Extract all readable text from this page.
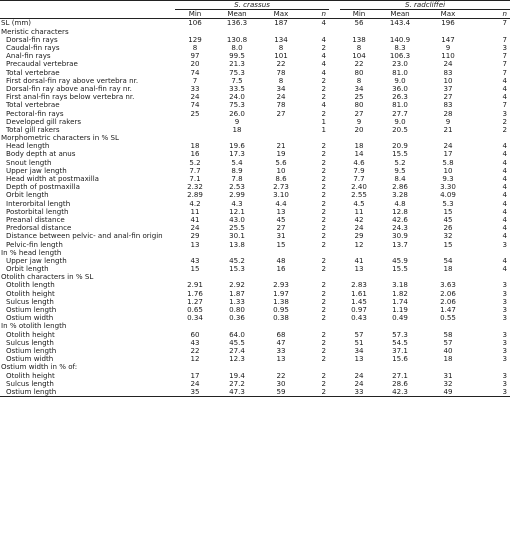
	S. crassus					S. radcliffei			
	Min	Mean	Max	n		Min	Mean	Max	n
SL (mm)	106	136.3	187	4		56	143.4	196	7
Meristic characters									
Dorsal-fin rays	129	130.8	134	4		138	140.9	147	7
Caudal-fin rays	8	8.0	8	2		8	8.3	9	3
Anal-fin rays	97	99.5	101	4		104	106.3	110	7
Precaudal vertebrae	20	21.3	22	4		22	23.0	24	7
Total vertebrae	74	75.3	78	4		80	81.0	83	7
First dorsal-fin ray above vertebra nr.	7	7.5	8	2		8	9.0	10	4
Dorsal-fin ray above anal-fin ray nr.	33	33.5	34	2		34	36.0	37	4
First anal-fin rays below vertebra nr.	24	24.0	24	2		25	26.3	27	4
Total vertebrae	74	75.3	78	4		80	81.0	83	7
Pectoral-fin rays	25	26.0	27	2		27	27.7	28	3
Developed gill rakers		9		1		9	9.0	9	2
Total gill rakers		18		1		20	20.5	21	2
Morphometric characters in % SL									
Head length	18	19.6	21	2		18	20.9	24	4
Body depth at anus	16	17.3	19	2		14	15.5	17	4
Snout length	5.2	5.4	5.6	2		4.6	5.2	5.8	4
Upper jaw length	7.7	8.9	10	2		7.9	9.5	10	4
Head width at postmaxilla	7.1	7.8	8.6	2		7.7	8.4	9.3	4
Depth of postmaxilla	2.32	2.53	2.73	2		2.40	2.86	3.30	4
Orbit length	2.89	2.99	3.10	2		2.55	3.28	4.09	4
Interorbital length	4.2	4.3	4.4	2		4.5	4.8	5.3	4
Postorbital length	11	12.1	13	2		11	12.8	15	4
Preanal distance	41	43.0	45	2		42	42.6	45	4
Predorsal distance	24	25.5	27	2		24	24.3	26	4
Distance between pelvic- and anal-fin origin	29	30.1	31	2		29	30.9	32	4
Pelvic-fin length	13	13.8	15	2		12	13.7	15	3
In % head length									
Upper jaw length	43	45.2	48	2		41	45.9	54	4
Orbit length	15	15.3	16	2		13	15.5	18	4
Otolith characters in % SL									
Otolith length	2.91	2.92	2.93	2		2.83	3.18	3.63	3
Otolith height	1.76	1.87	1.97	2		1.61	1.82	2.06	3
Sulcus length	1.27	1.33	1.38	2		1.45	1.74	2.06	3
Ostium length	0.65	0.80	0.95	2		0.97	1.19	1.47	3
Ostium width	0.34	0.36	0.38	2		0.43	0.49	0.55	3
In % otolith length									
Otolith height	60	64.0	68	2		57	57.3	58	3
Sulcus length	43	45.5	47	2		51	54.5	57	3
Ostium length	22	27.4	33	2		34	37.1	40	3
Ostium width	12	12.3	13	2		13	15.6	18	3
Ostium width in % of:									
Otolith height	17	19.4	22	2		24	27.1	31	3
Sulcus length	24	27.2	30	2		24	28.6	32	3
Ostium length	35	47.3	59	2		33	42.3	49	3
